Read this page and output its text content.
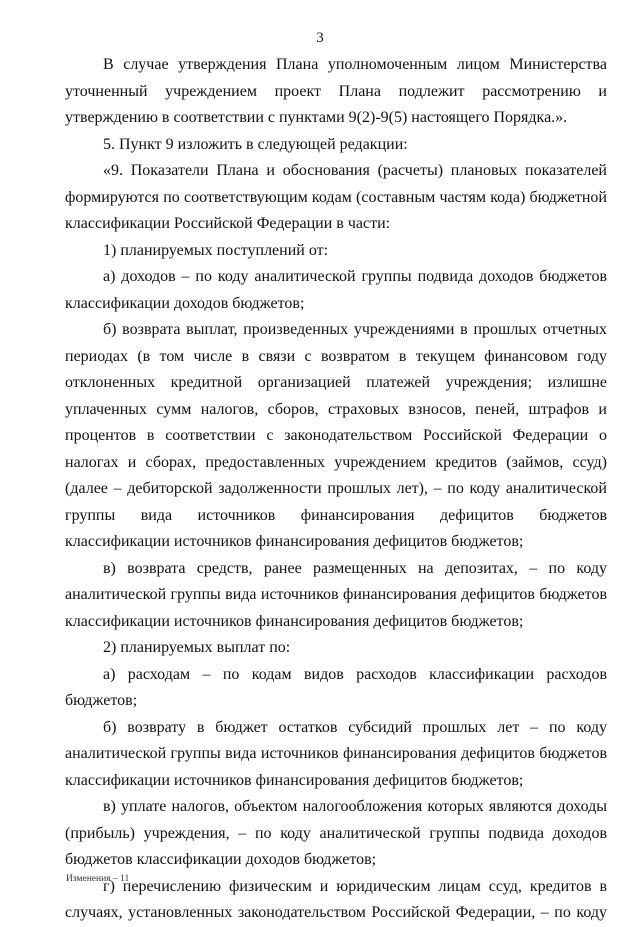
3

В случае утверждения Плана уполномоченным лицом Министерства уточненный учреждением проект Плана подлежит рассмотрению и утверждению в соответствии с пунктами 9(2)-9(5) настоящего Порядка.».

5. Пункт 9 изложить в следующей редакции:

«9. Показатели Плана и обоснования (расчеты) плановых показателей формируются по соответствующим кодам (составным частям кода) бюджетной классификации Российской Федерации в части:

1) планируемых поступлений от:

а) доходов – по коду аналитической группы подвида доходов бюджетов классификации доходов бюджетов;

б) возврата выплат, произведенных учреждениями в прошлых отчетных периодах (в том числе в связи с возвратом в текущем финансовом году отклоненных кредитной организацией платежей учреждения; излишне уплаченных сумм налогов, сборов, страховых взносов, пеней, штрафов и процентов в соответствии с законодательством Российской Федерации о налогах и сборах, предоставленных учреждением кредитов (займов, ссуд) (далее – дебиторской задолженности прошлых лет), – по коду аналитической группы вида источников финансирования дефицитов бюджетов классификации источников финансирования дефицитов бюджетов;

в) возврата средств, ранее размещенных на депозитах, – по коду аналитической группы вида источников финансирования дефицитов бюджетов классификации источников финансирования дефицитов бюджетов;

2) планируемых выплат по:

а) расходам – по кодам видов расходов классификации расходов бюджетов;

б) возврату в бюджет остатков субсидий прошлых лет – по коду аналитической группы вида источников финансирования дефицитов бюджетов классификации источников финансирования дефицитов бюджетов;

в) уплате налогов, объектом налогообложения которых являются доходы (прибыль) учреждения, – по коду аналитической группы подвида доходов бюджетов классификации доходов бюджетов;

г) перечислению физическим и юридическим лицам ссуд, кредитов в случаях, установленных законодательством Российской Федерации, – по коду

Изменения – 11
